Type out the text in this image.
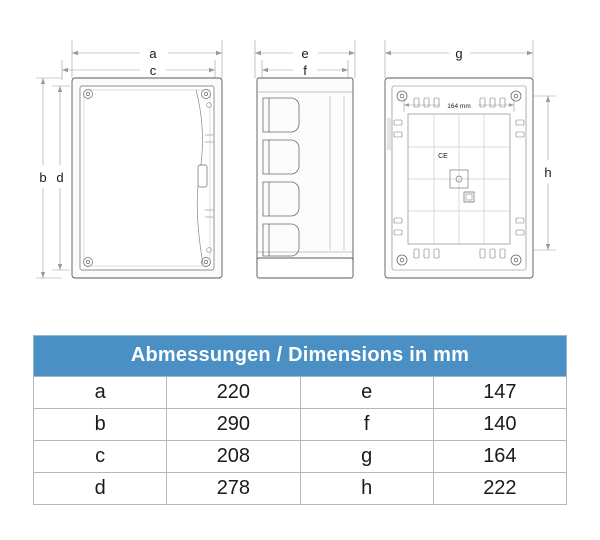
a
c
b d
e
f
g
h
164 mm
CE
Abmessungen / Dimensions in mm			
a	220	e	147
b	290	f	140
c	208	g	164
d	278	h	222
